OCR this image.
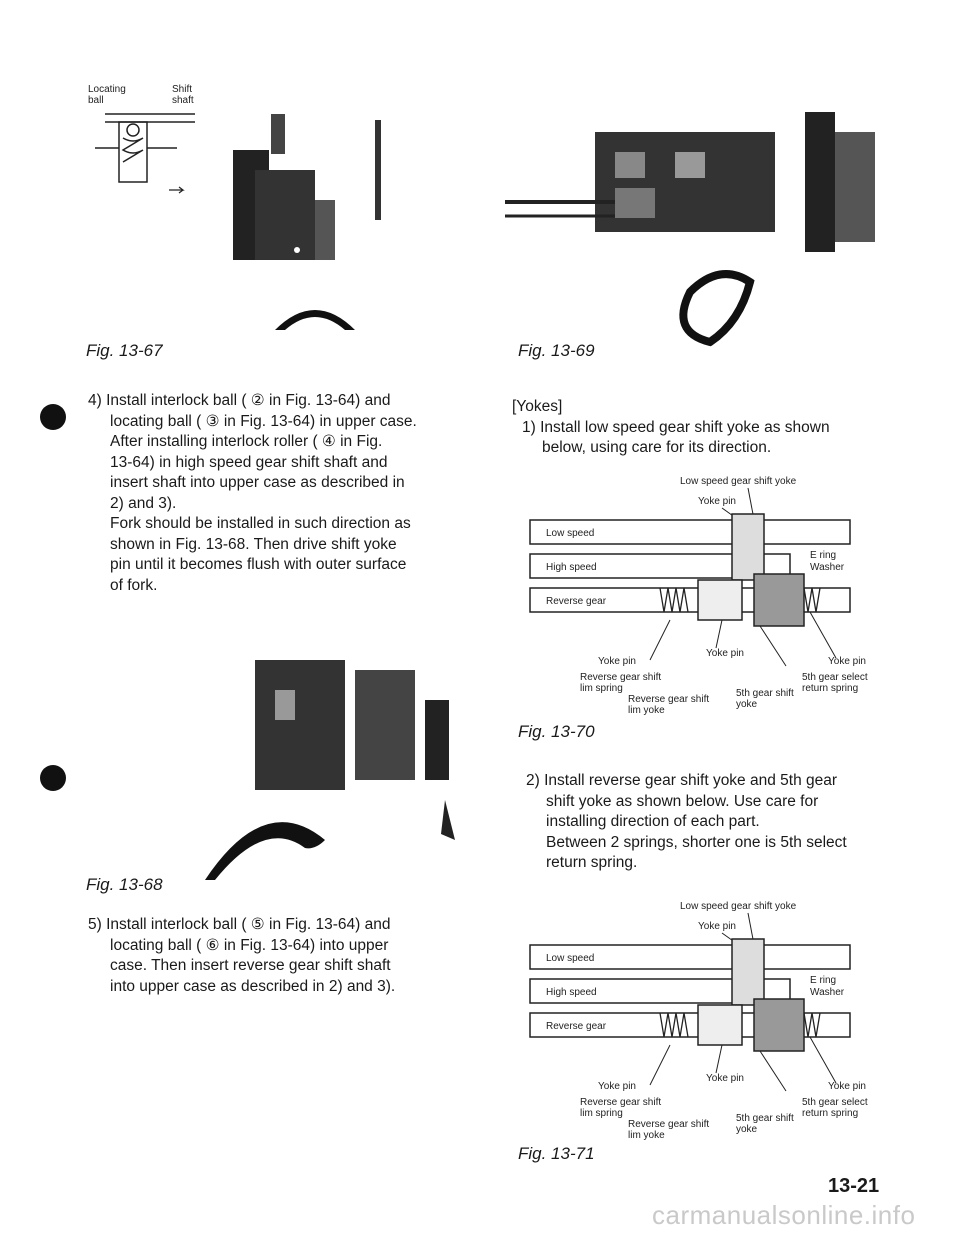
Locating ball
Shift shaft
Fig. 13-67	Fig. 13-69

4) Install interlock ball ( ② in Fig. 13-64) and

locating ball ( ③ in Fig. 13-64) in upper case.

After installing interlock roller ( ④ in Fig.

13-64) in high speed gear shift shaft and

insert shaft into upper case as described in

2) and 3).

Fork should be installed in such direction as

shown in Fig. 13-68. Then drive shift yoke

pin until it becomes flush with outer surface

of fork.

Fig. 13-68

5) Install interlock ball ( ⑤ in Fig. 13-64) and

locating ball ( ⑥ in Fig. 13-64) into upper

case. Then insert reverse gear shift shaft

into upper case as described in 2) and 3).

[Yokes]

1) Install low speed gear shift yoke as shown

below, using care for its direction.

Low speed gear shift yoke
Yoke pin
Low speed
High speed
Reverse gear
E ring
Washer
Yoke pin
Yoke pin
Yoke pin
Reverse gear shift
lim spring
Reverse gear shift
lim yoke
5th gear shift
yoke
5th gear select
return spring
Fig. 13-70

2) Install reverse gear shift yoke and 5th gear

shift yoke as shown below. Use care for

installing direction of each part.

Between 2 springs, shorter one is 5th select

return spring.

Low speed gear shift yoke
Yoke pin
Low speed
High speed
Reverse gear
E ring
Washer
Yoke pin
Yoke pin
Yoke pin
Reverse gear shift
lim spring
Reverse gear shift
lim yoke
5th gear shift
yoke
5th gear select
return spring
Fig. 13-71
13-21
carmanualsonline.info
